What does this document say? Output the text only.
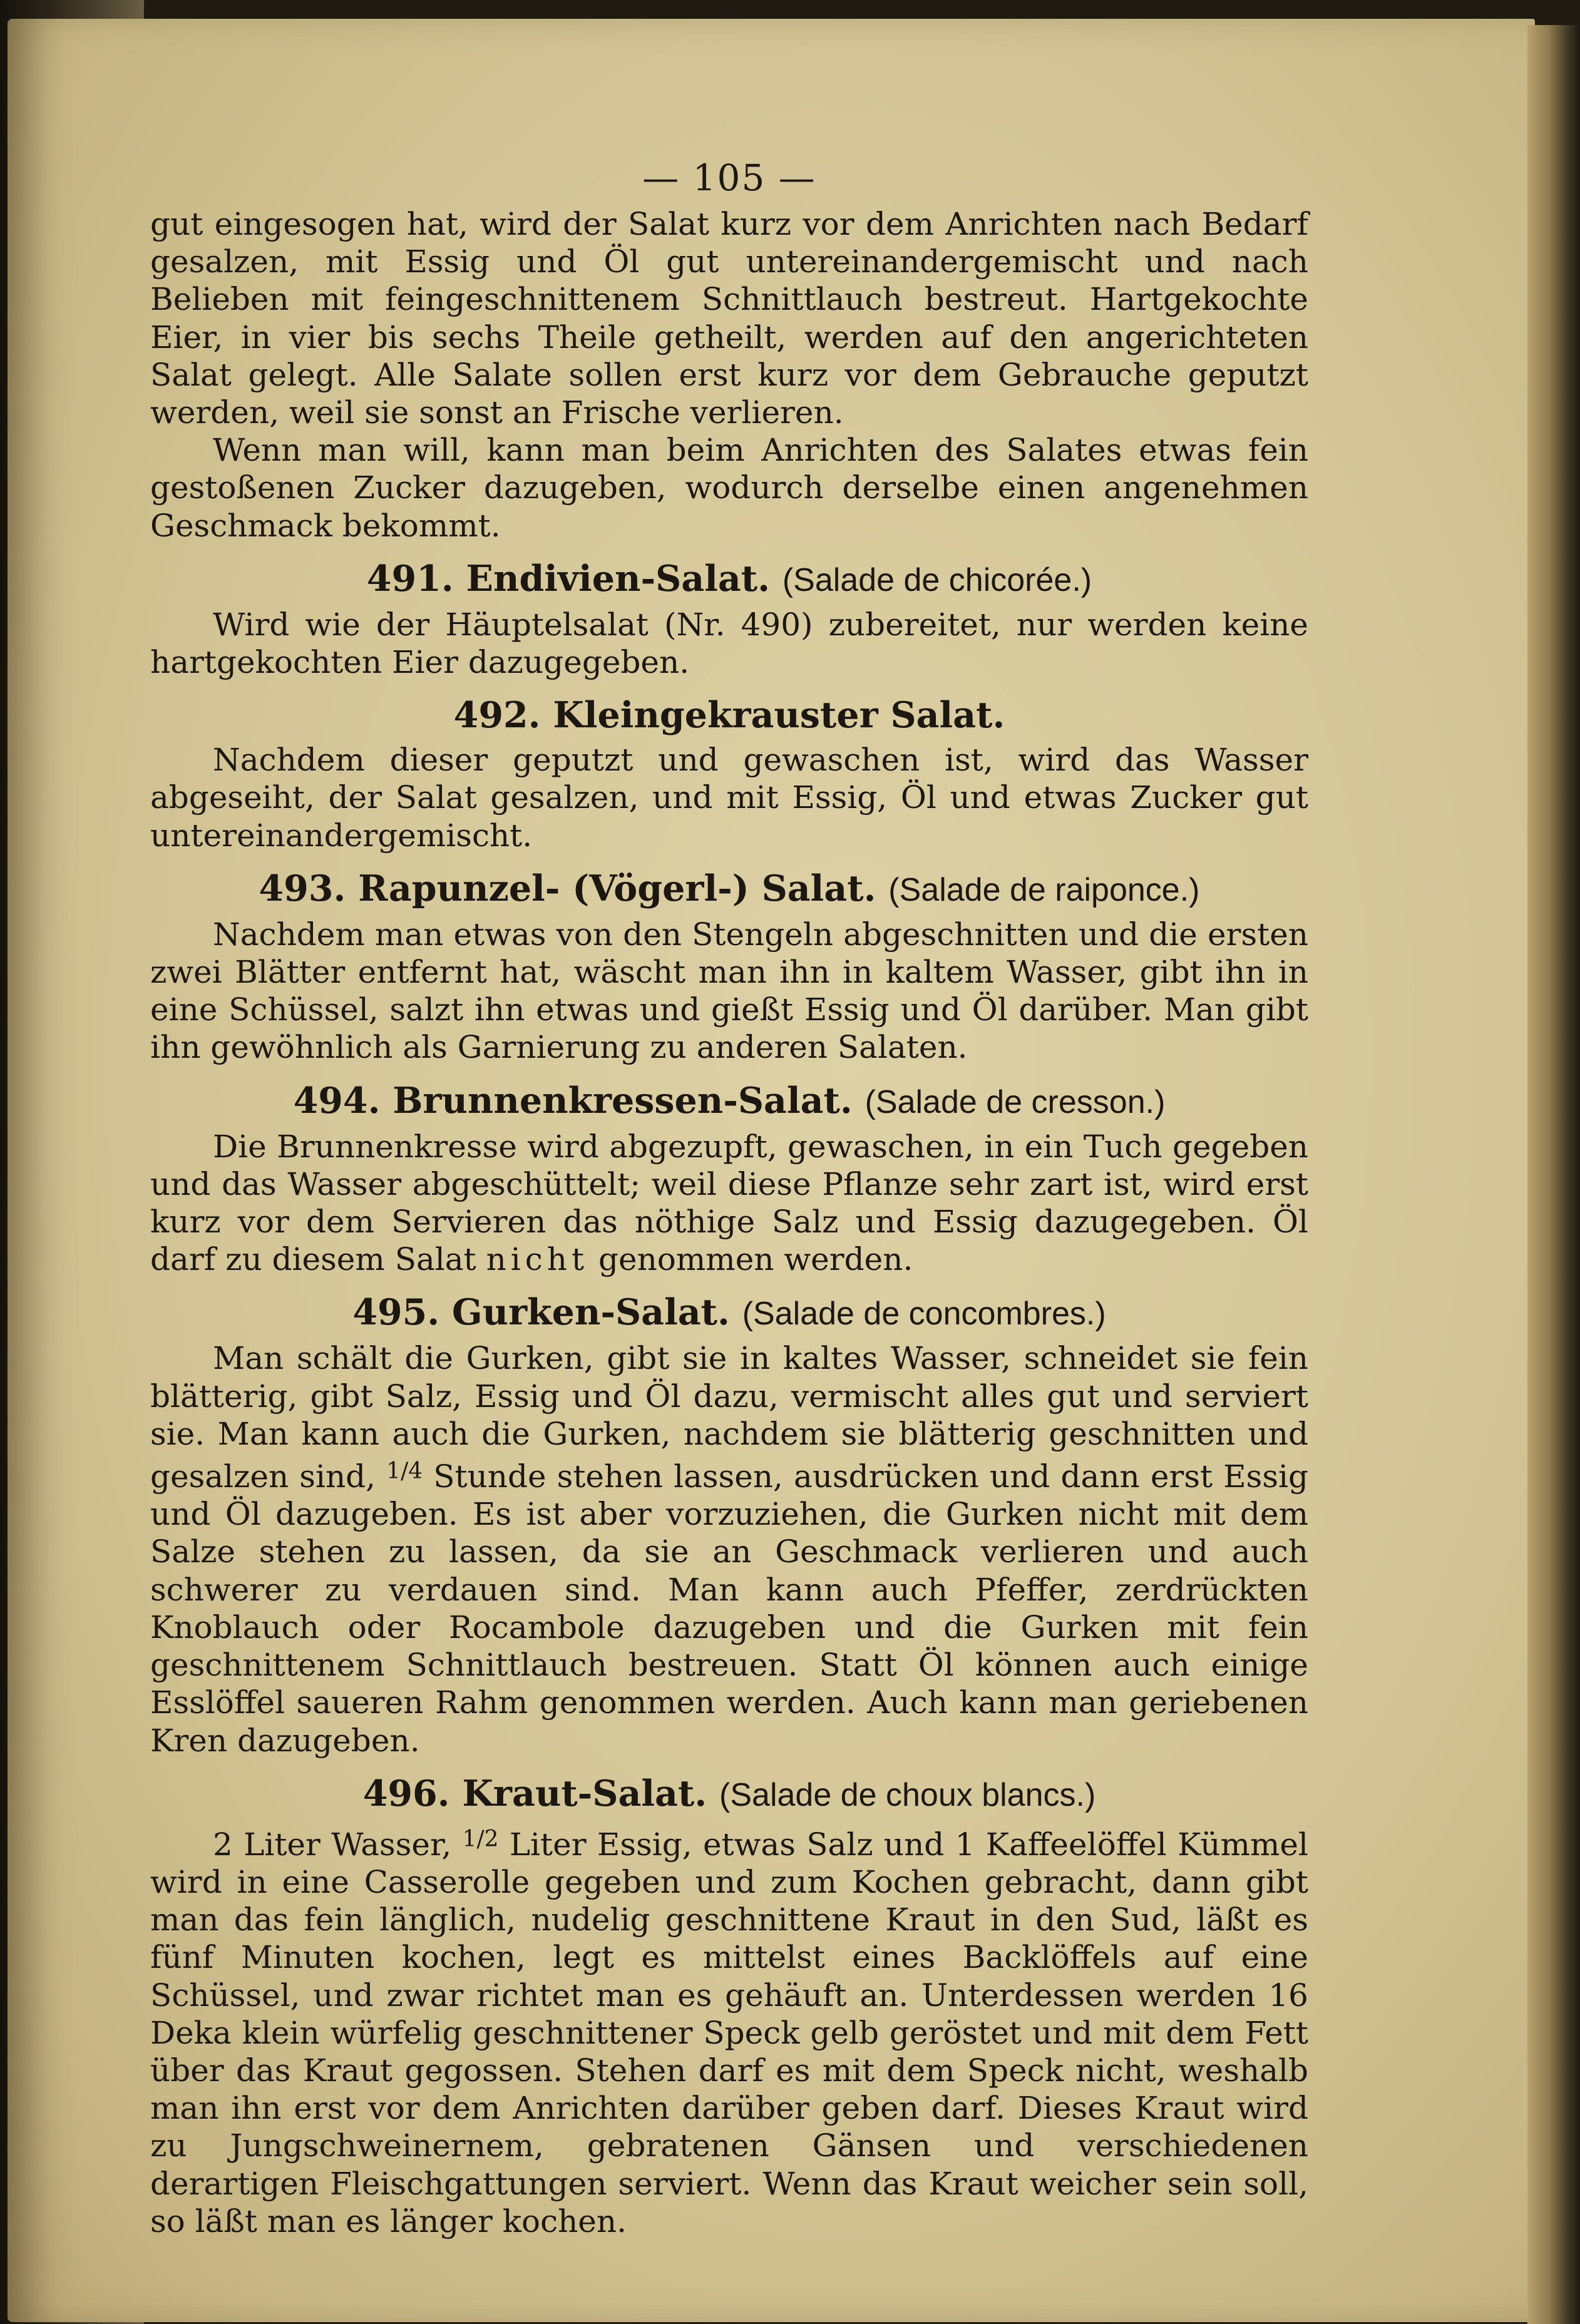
— 105 —

gut eingesogen hat, wird der Salat kurz vor dem Anrichten nach Bedarf gesalzen, mit Essig und Öl gut untereinandergemischt und nach Belieben mit feingeschnittenem Schnittlauch bestreut. Hartgekochte Eier, in vier bis sechs Theile getheilt, werden auf den angerichteten Salat gelegt. Alle Salate sollen erst kurz vor dem Gebrauche geputzt werden, weil sie sonst an Frische verlieren.

Wenn man will, kann man beim Anrichten des Salates etwas fein gestoßenen Zucker dazugeben, wodurch derselbe einen angenehmen Geschmack bekommt.

491. Endivien-Salat. (Salade de chicorée.)

Wird wie der Häuptelsalat (Nr. 490) zubereitet, nur werden keine hartgekochten Eier dazugegeben.

492. Kleingekrauster Salat.

Nachdem dieser geputzt und gewaschen ist, wird das Wasser abgeseiht, der Salat gesalzen, und mit Essig, Öl und etwas Zucker gut untereinandergemischt.

493. Rapunzel- (Vögerl-) Salat. (Salade de raiponce.)

Nachdem man etwas von den Stengeln abgeschnitten und die ersten zwei Blätter entfernt hat, wäscht man ihn in kaltem Wasser, gibt ihn in eine Schüssel, salzt ihn etwas und gießt Essig und Öl darüber. Man gibt ihn gewöhnlich als Garnierung zu anderen Salaten.

494. Brunnenkressen-Salat. (Salade de cresson.)

Die Brunnenkresse wird abgezupft, gewaschen, in ein Tuch gegeben und das Wasser abgeschüttelt; weil diese Pflanze sehr zart ist, wird erst kurz vor dem Servieren das nöthige Salz und Essig dazugegeben. Öl darf zu diesem Salat nicht genommen werden.

495. Gurken-Salat. (Salade de concombres.)

Man schält die Gurken, gibt sie in kaltes Wasser, schneidet sie fein blätterig, gibt Salz, Essig und Öl dazu, vermischt alles gut und serviert sie. Man kann auch die Gurken, nachdem sie blätterig geschnitten und gesalzen sind, $^{1/4}$ Stunde stehen lassen, ausdrücken und dann erst Essig und Öl dazugeben. Es ist aber vorzuziehen, die Gurken nicht mit dem Salze stehen zu lassen, da sie an Geschmack verlieren und auch schwerer zu verdauen sind. Man kann auch Pfeffer, zerdrückten Knoblauch oder Rocambole dazugeben und die Gurken mit fein geschnittenem Schnittlauch bestreuen. Statt Öl können auch einige Esslöffel saueren Rahm genommen werden. Auch kann man geriebenen Kren dazugeben.

496. Kraut-Salat. (Salade de choux blancs.)

2 Liter Wasser, $^{1/2}$ Liter Essig, etwas Salz und 1 Kaffeelöffel Kümmel wird in eine Casserolle gegeben und zum Kochen gebracht, dann gibt man das fein länglich, nudelig geschnittene Kraut in den Sud, läßt es fünf Minuten kochen, legt es mittelst eines Backlöffels auf eine Schüssel, und zwar richtet man es gehäuft an. Unterdessen werden 16 Deka klein würfelig geschnittener Speck gelb geröstet und mit dem Fett über das Kraut gegossen. Stehen darf es mit dem Speck nicht, weshalb man ihn erst vor dem Anrichten darüber geben darf. Dieses Kraut wird zu Jungschweinernem, gebratenen Gänsen und verschiedenen derartigen Fleischgattungen serviert. Wenn das Kraut weicher sein soll, so läßt man es länger kochen.
